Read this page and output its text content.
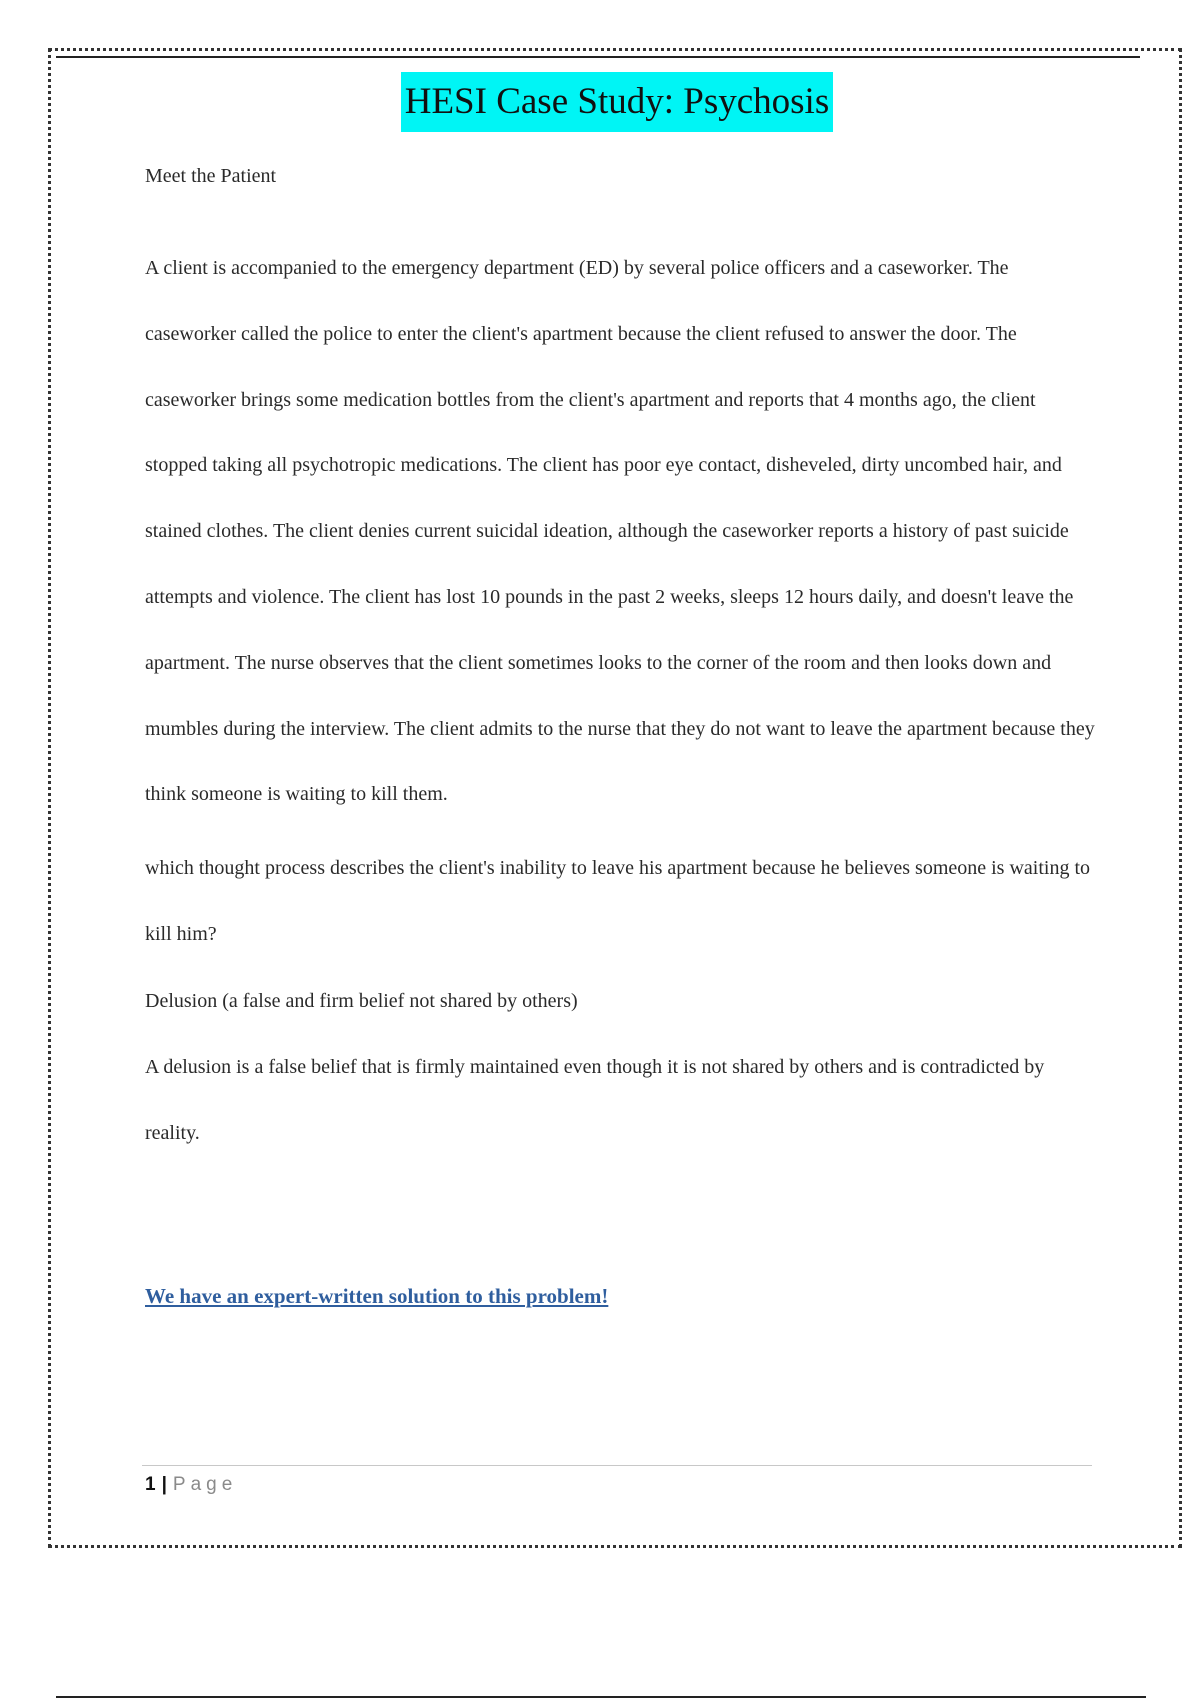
HESI Case Study: Psychosis

Meet the Patient

A client is accompanied to the emergency department (ED) by several police officers and a caseworker. The caseworker called the police to enter the client's apartment because the client refused to answer the door. The caseworker brings some medication bottles from the client's apartment and reports that 4 months ago, the client stopped taking all psychotropic medications. The client has poor eye contact, disheveled, dirty uncombed hair, and stained clothes. The client denies current suicidal ideation, although the caseworker reports a history of past suicide attempts and violence. The client has lost 10 pounds in the past 2 weeks, sleeps 12 hours daily, and doesn't leave the apartment. The nurse observes that the client sometimes looks to the corner of the room and then looks down and mumbles during the interview. The client admits to the nurse that they do not want to leave the apartment because they think someone is waiting to kill them.

which thought process describes the client's inability to leave his apartment because he believes someone is waiting to kill him?

Delusion (a false and firm belief not shared by others)

A delusion is a false belief that is firmly maintained even though it is not shared by others and is contradicted by reality.

We have an expert-written solution to this problem!
1 | Page
